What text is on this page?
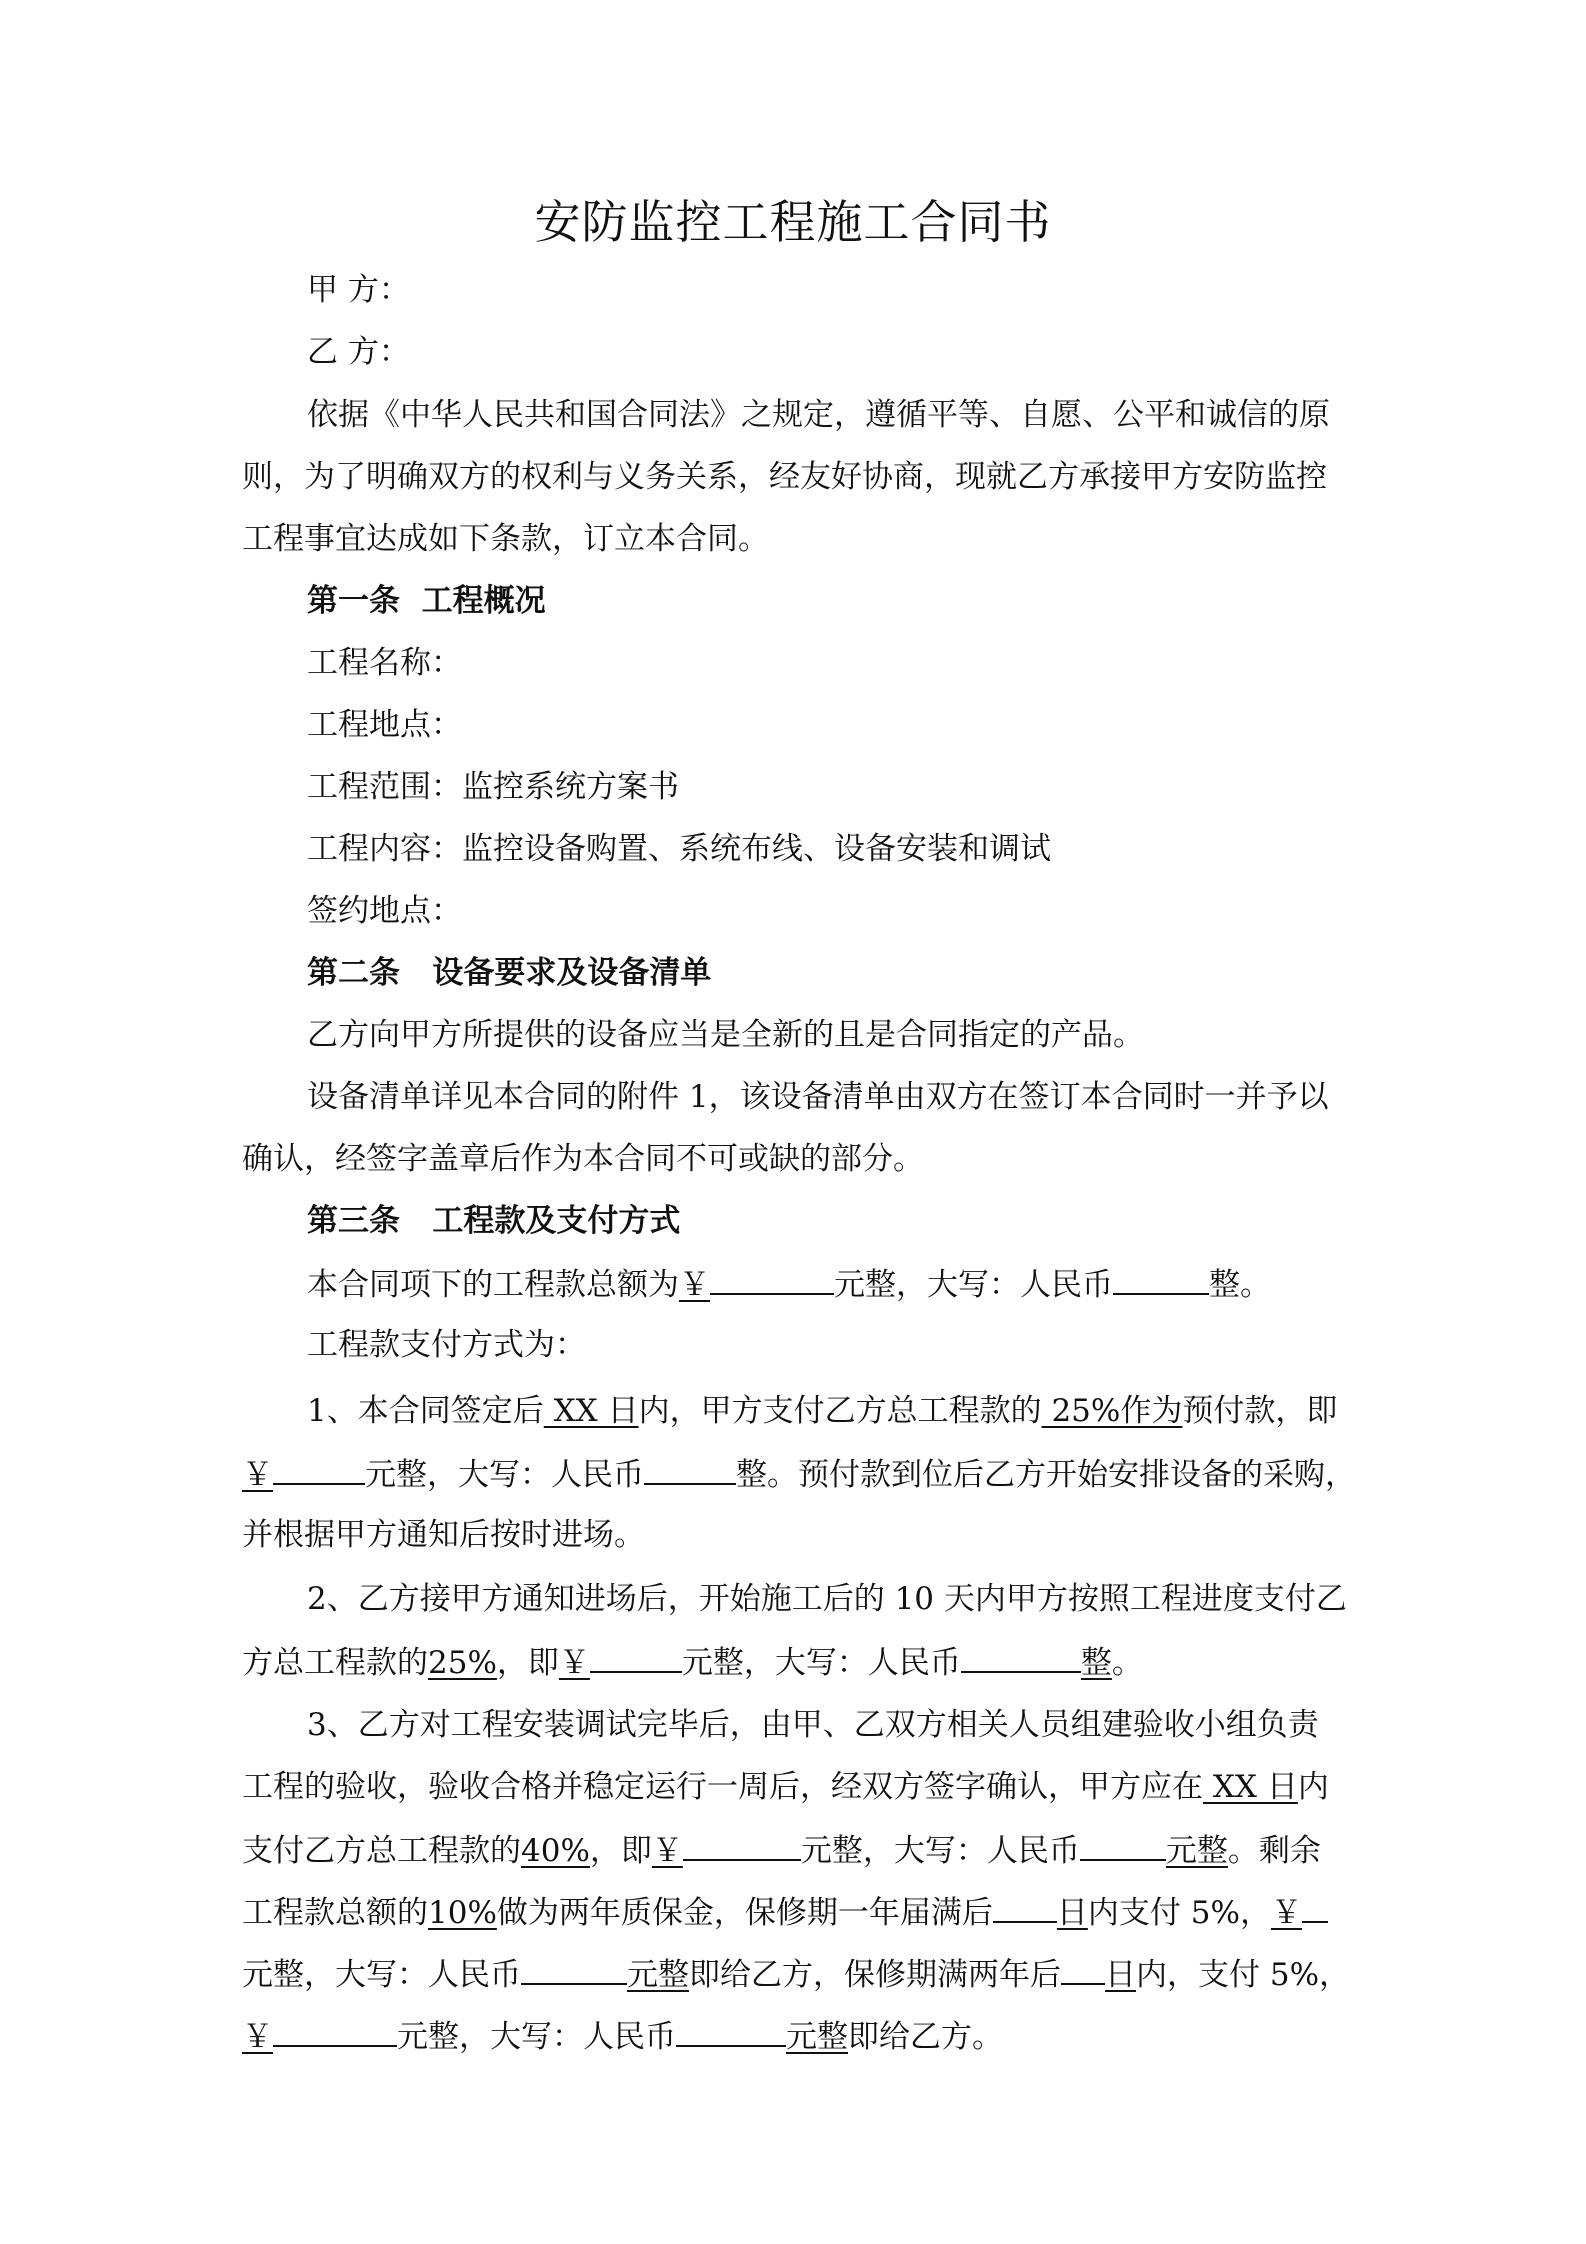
安防监控工程施工合同书
甲 方：
乙 方：
依据《中华人民共和国合同法》之规定，遵循平等、自愿、公平和诚信的原
则，为了明确双方的权利与义务关系，经友好协商，现就乙方承接甲方安防监控
工程事宜达成如下条款，订立本合同。
第一条  工程概况
工程名称：
工程地点：
工程范围：监控系统方案书
工程内容：监控设备购置、系统布线、设备安装和调试
签约地点：
第二条   设备要求及设备清单
乙方向甲方所提供的设备应当是全新的且是合同指定的产品。
设备清单详见本合同的附件 1，该设备清单由双方在签订本合同时一并予以
确认，经签字盖章后作为本合同不可或缺的部分。
第三条   工程款及支付方式
本合同项下的工程款总额为￥	元整，大写：人民币	整。
工程款支付方式为：
1、本合同签定后 XX 日内，甲方支付乙方总工程款的 25%作为预付款，即
￥	元整，大写：人民币	整。预付款到位后乙方开始安排设备的采购，
并根据甲方通知后按时进场。
2、乙方接甲方通知进场后，开始施工后的 10 天内甲方按照工程进度支付乙
方总工程款的25%，即￥	元整，大写：人民币	整。
3、乙方对工程安装调试完毕后，由甲、乙双方相关人员组建验收小组负责
工程的验收，验收合格并稳定运行一周后，经双方签字确认，甲方应在 XX 日内
支付乙方总工程款的40%，即￥	元整，大写：人民币	元整。剩余
工程款总额的10%做为两年质保金，保修期一年届满后 日内支付 5%，￥
元整，大写：人民币	元整即给乙方，保修期满两年后 日内，支付 5%，
￥	元整，大写：人民币	元整即给乙方。
